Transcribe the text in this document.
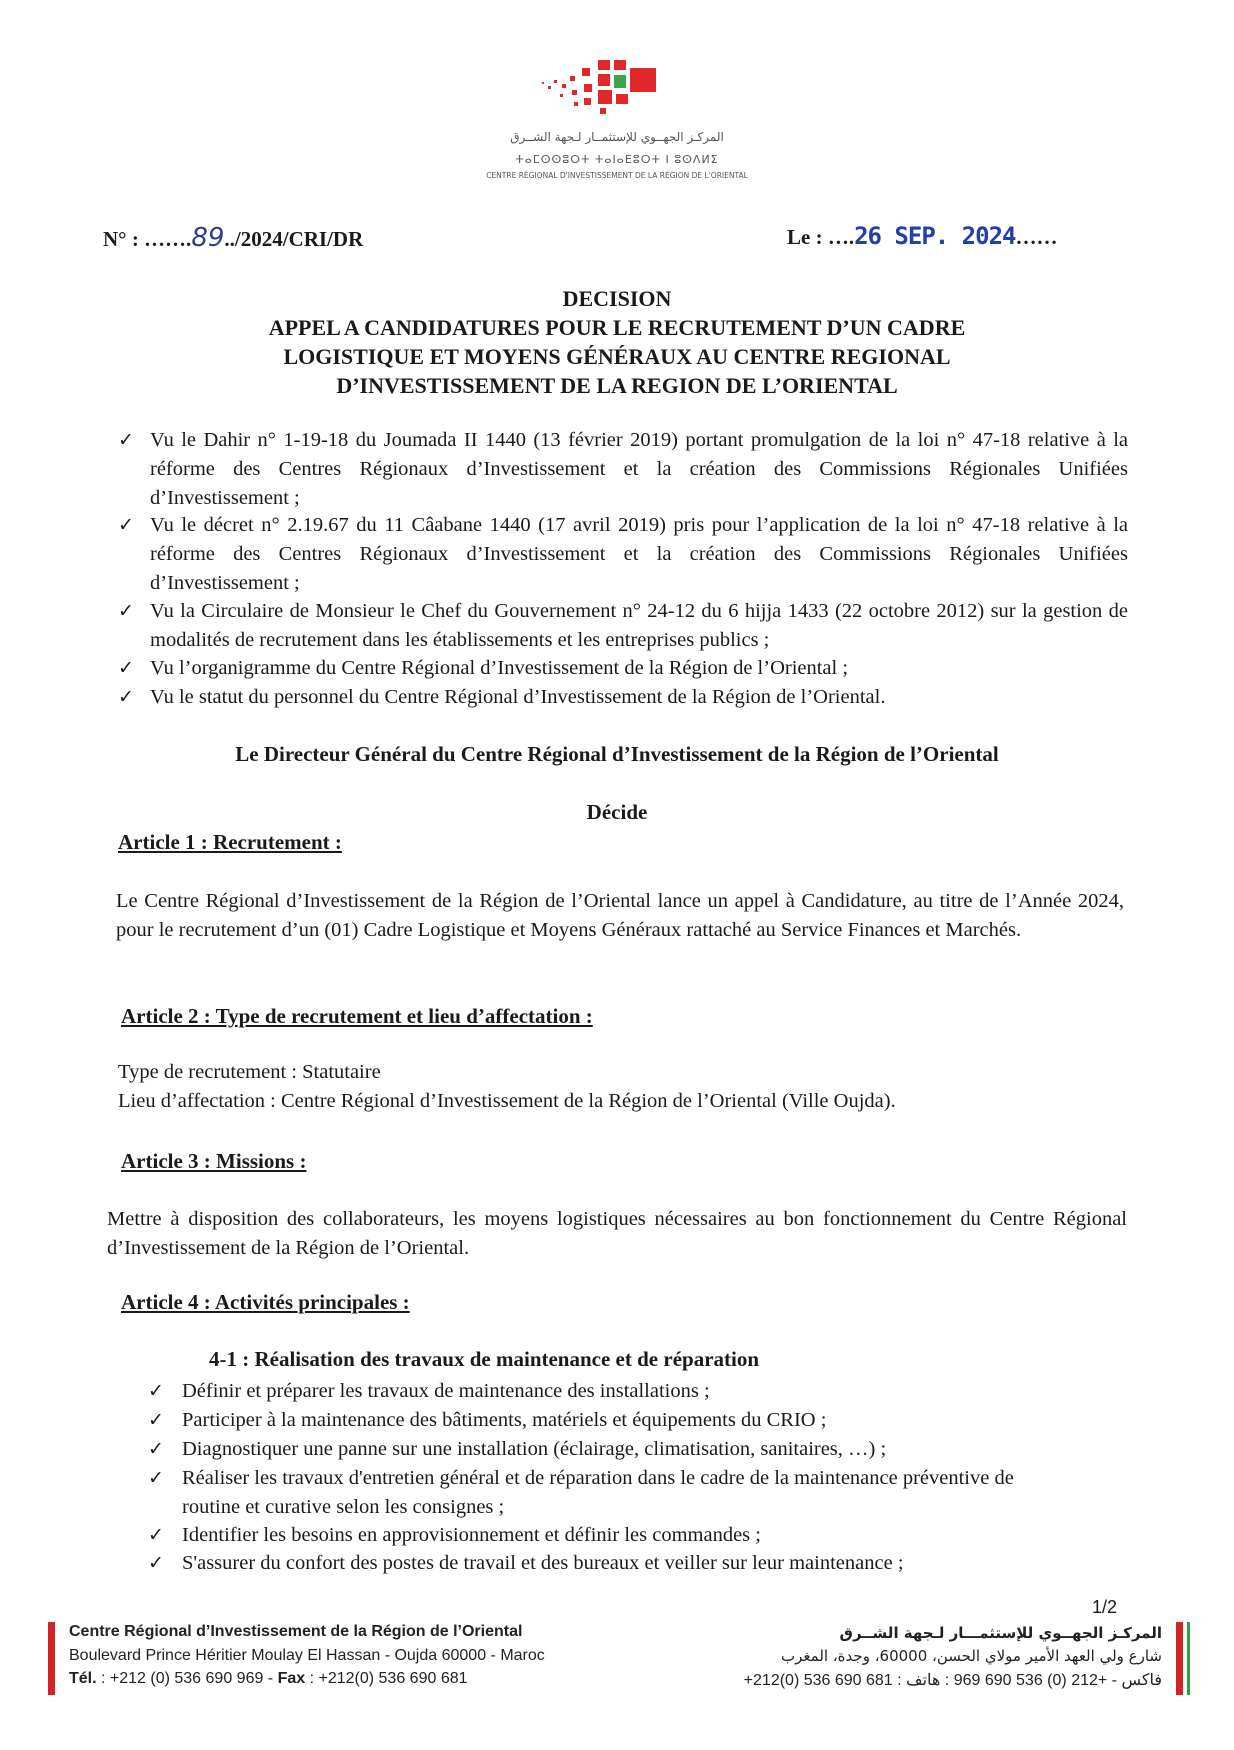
المركـز الجهــوي للإستثمــار لـجهة الشــرق
ⵜⴰⵎⵙⵙⵓⵔⵜ ⵜⴰⵏⴰⴹⵓⵔⵜ ⵏ ⵓⵙⴷⵍⵉ
CENTRE RÉGIONAL D'INVESTISSEMENT DE LA RÉGION DE L'ORIENTAL
N° : …….89../2024/CRI/DR	Le : ….26 SEP. 2024……
DECISION
APPEL A CANDIDATURES POUR LE RECRUTEMENT D’UN CADRE
LOGISTIQUE ET MOYENS GÉNÉRAUX AU CENTRE REGIONAL
D’INVESTISSEMENT DE LA REGION DE L’ORIENTAL
✓ Vu le Dahir n° 1-19-18 du Joumada II 1440 (13 février 2019) portant promulgation de la loi n° 47-18 relative à la réforme des Centres Régionaux d’Investissement et la création des Commissions Régionales Unifiées d’Investissement ;
✓ Vu le décret n° 2.19.67 du 11 Câabane 1440 (17 avril 2019) pris pour l’application de la loi n° 47-18 relative à la réforme des Centres Régionaux d’Investissement et la création des Commissions Régionales Unifiées d’Investissement ;
✓ Vu la Circulaire de Monsieur le Chef du Gouvernement n° 24-12 du 6 hijja 1433 (22 octobre 2012) sur la gestion de modalités de recrutement dans les établissements et les entreprises publics ;
✓ Vu l’organigramme du Centre Régional d’Investissement de la Région de l’Oriental ;
✓ Vu le statut du personnel du Centre Régional d’Investissement de la Région de l’Oriental.
Le Directeur Général du Centre Régional d’Investissement de la Région de l’Oriental
Décide
Article 1 : Recrutement :
Le Centre Régional d’Investissement de la Région de l’Oriental lance un appel à Candidature, au titre de l’Année 2024, pour le recrutement d’un (01) Cadre Logistique et Moyens Généraux rattaché au Service Finances et Marchés.
Article 2 : Type de recrutement et lieu d’affectation :
Type de recrutement : Statutaire
Lieu d’affectation : Centre Régional d’Investissement de la Région de l’Oriental (Ville Oujda).
Article 3 : Missions :
Mettre à disposition des collaborateurs, les moyens logistiques nécessaires au bon fonctionnement du Centre Régional d’Investissement de la Région de l’Oriental.
Article 4 : Activités principales :
4-1 : Réalisation des travaux de maintenance et de réparation
✓ Définir et préparer les travaux de maintenance des installations ;
✓ Participer à la maintenance des bâtiments, matériels et équipements du CRIO ;
✓ Diagnostiquer une panne sur une installation (éclairage, climatisation, sanitaires, …) ;
✓ Réaliser les travaux d'entretien général et de réparation dans le cadre de la maintenance préventive de routine et curative selon les consignes ;
✓ Identifier les besoins en approvisionnement et définir les commandes ;
✓ S'assurer du confort des postes de travail et des bureaux et veiller sur leur maintenance ;
1/2
Centre Régional d’Investissement de la Région de l’Oriental
Boulevard Prince Héritier Moulay El Hassan - Oujda 60000 - Maroc
Tél. : +212 (0) 536 690 969 - Fax : +212(0) 536 690 681
المركـز الجهــوي للإستثمـــار لـجهة الشــرق
شارع ولي العهد الأمير مولاي الحسن، 60000، وجدة، المغرب
+212(0) 536 690 681 : فاكس - +212 (0) 536 690 969 : هاتف
